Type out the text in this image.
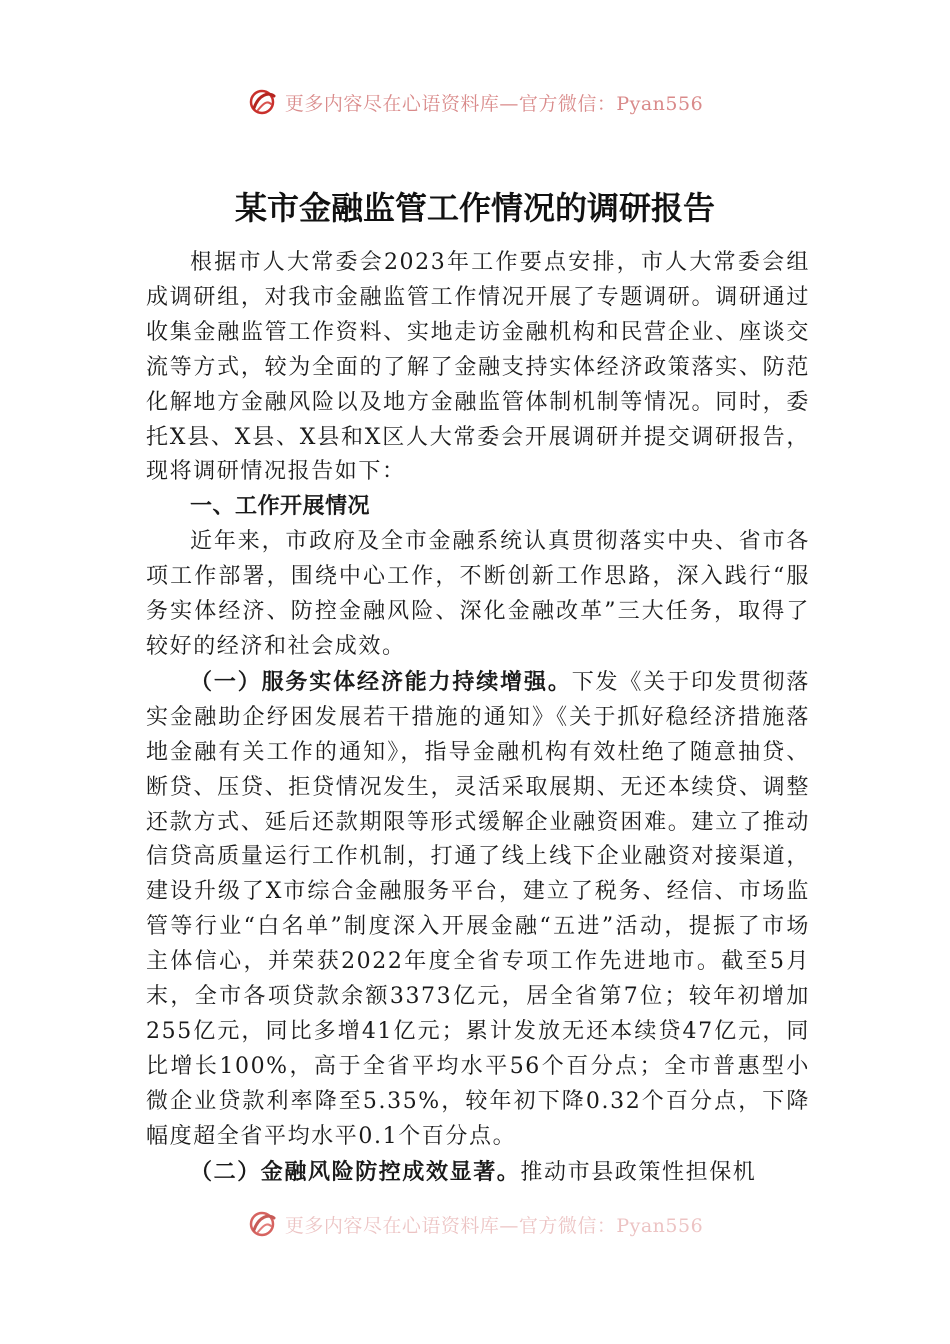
更多内容尽在心语资料库—官方微信：Pyan556
某市金融监管工作情况的调研报告

根据市人大常委会2023年工作要点安排，市人大常委会组成调研组，对我市金融监管工作情况开展了专题调研。调研通过收集金融监管工作资料、实地走访金融机构和民营企业、座谈交流等方式，较为全面的了解了金融支持实体经济政策落实、防范化解地方金融风险以及地方金融监管体制机制等情况。同时，委托X县、X县、X县和X区人大常委会开展调研并提交调研报告，现将调研情况报告如下：

一、工作开展情况

近年来，市政府及全市金融系统认真贯彻落实中央、省市各项工作部署，围绕中心工作，不断创新工作思路，深入践行“服务实体经济、防控金融风险、深化金融改革”三大任务，取得了较好的经济和社会成效。

（一）服务实体经济能力持续增强。下发《关于印发贯彻落实金融助企纾困发展若干措施的通知》《关于抓好稳经济措施落地金融有关工作的通知》，指导金融机构有效杜绝了随意抽贷、断贷、压贷、拒贷情况发生，灵活采取展期、无还本续贷、调整还款方式、延后还款期限等形式缓解企业融资困难。建立了推动信贷高质量运行工作机制，打通了线上线下企业融资对接渠道，建设升级了X市综合金融服务平台，建立了税务、经信、市场监管等行业“白名单”制度深入开展金融“五进”活动，提振了市场主体信心，并荣获2022年度全省专项工作先进地市。截至5月末，全市各项贷款余额3373亿元，居全省第7位；较年初增加255亿元，同比多增41亿元；累计发放无还本续贷47亿元，同比增长100%，高于全省平均水平56个百分点；全市普惠型小微企业贷款利率降至5.35%，较年初下降0.32个百分点，下降幅度超全省平均水平0.1个百分点。

（二）金融风险防控成效显著。推动市县政策性担保机

更多内容尽在心语资料库—官方微信：Pyan556
